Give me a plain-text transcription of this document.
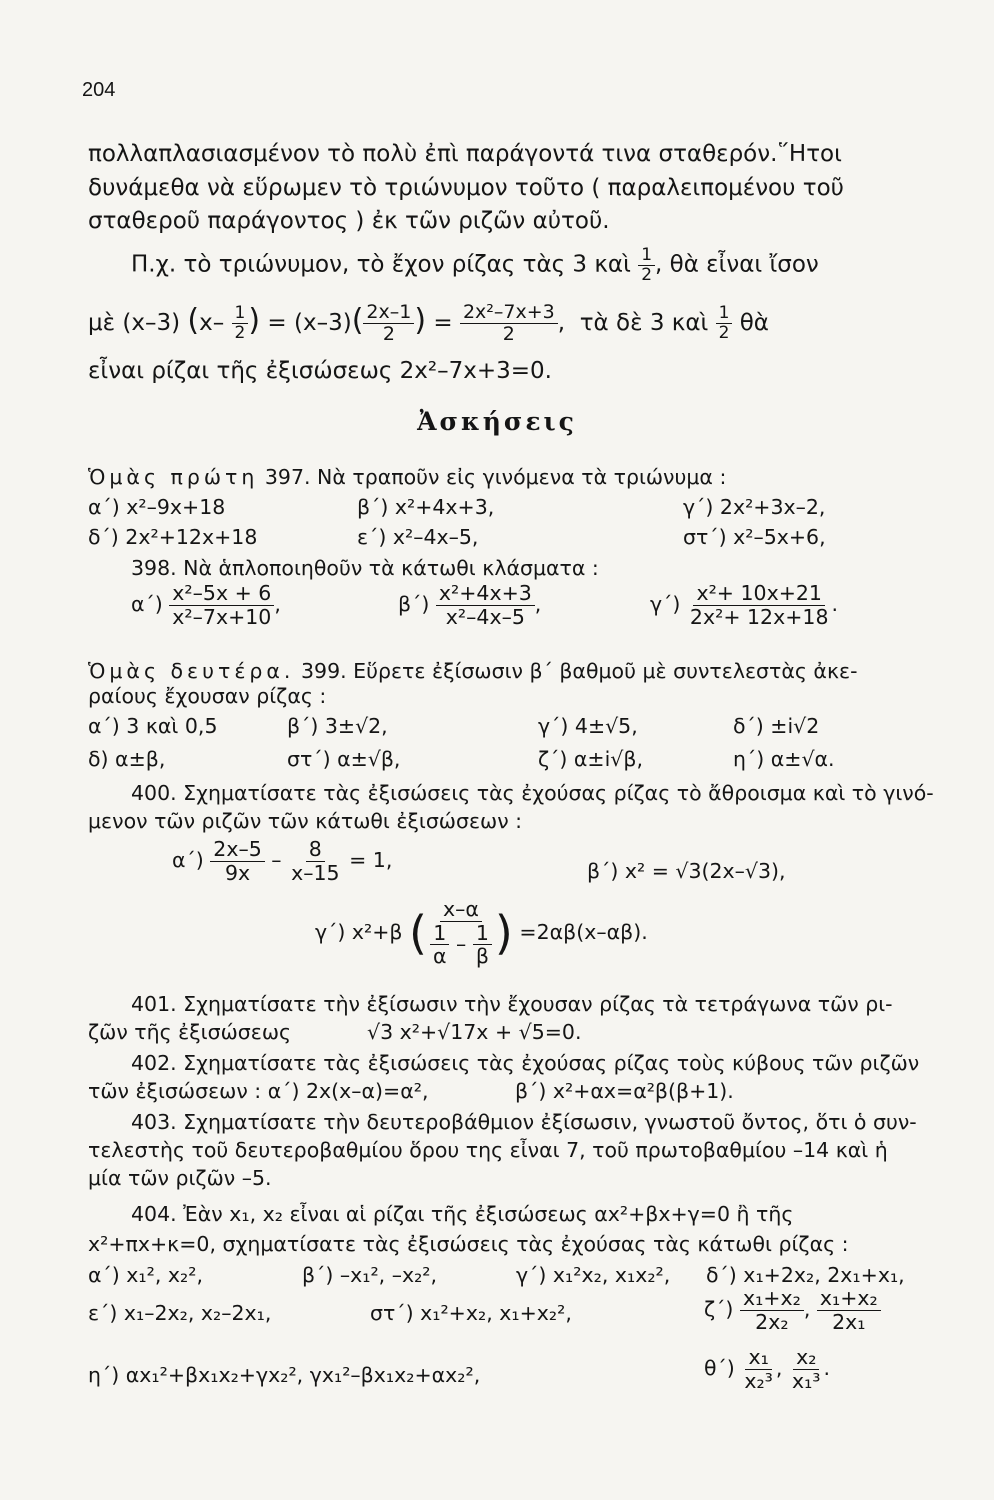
204
πολλαπλασιασμένον τὸ πολὺ ἐπὶ παράγοντά τινα σταθερόν.῞Ητοι
δυνάμεθα νὰ εὕρωμεν τὸ τριώνυμον τοῦτο ( παραλειπομένου τοῦ
σταθεροῦ παράγοντος ) ἐκ τῶν ριζῶν αὐτοῦ.
Π.χ. τὸ τριώνυμον, τὸ ἔχον ρίζας τὰς 3 καὶ $\frac{1}{2}$ , θὰ εἶναι ἴσον
μὲ (x–3) ($x- \frac{1}{2}$ ) = $(x-3)( \frac{2x-1}{2}$ ) = $\frac{\text{2x²–7x+3}}{2}$ ,  τὰ δὲ 3 καὶ $\frac{1}{2}$ θὰ
εἶναι ρίζαι τῆς ἐξισώσεως 2x²–7x+3=0.
Ἀσκήσεις
Ὁμὰς πρώτη 397. Νὰ τραποῦν εἰς γινόμενα τὰ τριώνυμα :
α΄) x²–9x+18	β΄) x²+4x+3,	γ΄) 2x²+3x–2,
δ΄) 2x²+12x+18	ε΄) x²–4x–5,	στ΄) x²–5x+6,
398. Νὰ ἁπλοποιηθοῦν τὰ κάτωθι κλάσματα :
$\alpha΄) \frac{\text{x²–5x + 6}}{\text{x²–7x+10}}$ ,	$\beta΄) \frac{\text{x²+4x+3}}{\text{x²–4x–5}}$ ,	$\gamma΄) \frac{\text{x²+ 10x+21}}{\text{2x²+ 12x+18}}$ .
Ὁμὰς δευτέρα. 399. Εὕρετε ἐξίσωσιν β΄ βαθμοῦ μὲ συντελεστὰς ἀκε-
ραίους ἔχουσαν ρίζας :
α΄) 3 καὶ 0,5	β΄) 3±√2,	γ΄) 4±√5,	δ΄) ±i√2
δ) α±β,	στ΄) α±√β,	ζ΄) α±i√β,	η΄) α±√α.
400. Σχηματίσατε τὰς ἐξισώσεις τὰς ἐχούσας ρίζας τὸ ἄθροισμα καὶ τὸ γινό-
μενον τῶν ριζῶν τῶν κάτωθι ἐξισώσεων :
$\alpha΄) \frac{2x-5}{9x} - \frac{8}{x-15} = 1$,	β΄) x² = √3(2x–√3),
γ΄) x²+β ( x–α
$\frac{1}{\alpha} - \frac{1}{\beta}$ ) =2αβ(x–αβ).
401. Σχηματίσατε τὴν ἐξίσωσιν τὴν ἔχουσαν ρίζας τὰ τετράγωνα τῶν ρι-
ζῶν τῆς ἐξισώσεως	√3 x²+√17x + √5=0.
402. Σχηματίσατε τὰς ἐξισώσεις τὰς ἐχούσας ρίζας τοὺς κύβους τῶν ριζῶν
τῶν ἐξισώσεων : α΄) 2x(x–α)=α²,	β΄) x²+αx=α²β(β+1).
403. Σχηματίσατε τὴν δευτεροβάθμιον ἐξίσωσιν, γνωστοῦ ὄντος, ὅτι ὁ συν-
τελεστὴς τοῦ δευτεροβαθμίου ὅρου της εἶναι 7, τοῦ πρωτοβαθμίου –14 καὶ ἡ
μία τῶν ριζῶν –5.
404. Ἐὰν x₁, x₂ εἶναι αἱ ρίζαι τῆς ἐξισώσεως αx²+βx+γ=0 ἢ τῆς
x²+πx+κ=0, σχηματίσατε τὰς ἐξισώσεις τὰς ἐχούσας τὰς κάτωθι ρίζας :
α΄) x₁², x₂²,	β΄) –x₁², –x₂²,	γ΄) x₁²x₂, x₁x₂², δ΄) x₁+2x₂, 2x₁+x₁,
ε΄) x₁–2x₂, x₂–2x₁,	στ΄) x₁²+x₂, x₁+x₂²,	$\zeta΄) \frac{\text{x₁+x₂}}{\text{2x₂}}$ , $\frac{\text{x₁+x₂}}{\text{2x₁}}$
η΄) αx₁²+βx₁x₂+γx₂², γx₁²–βx₁x₂+αx₂²,	$\theta΄) \frac{\text{x₁}}{\text{x₂³}}$ , $\frac{\text{x₂}}{\text{x₁³}}$ .
